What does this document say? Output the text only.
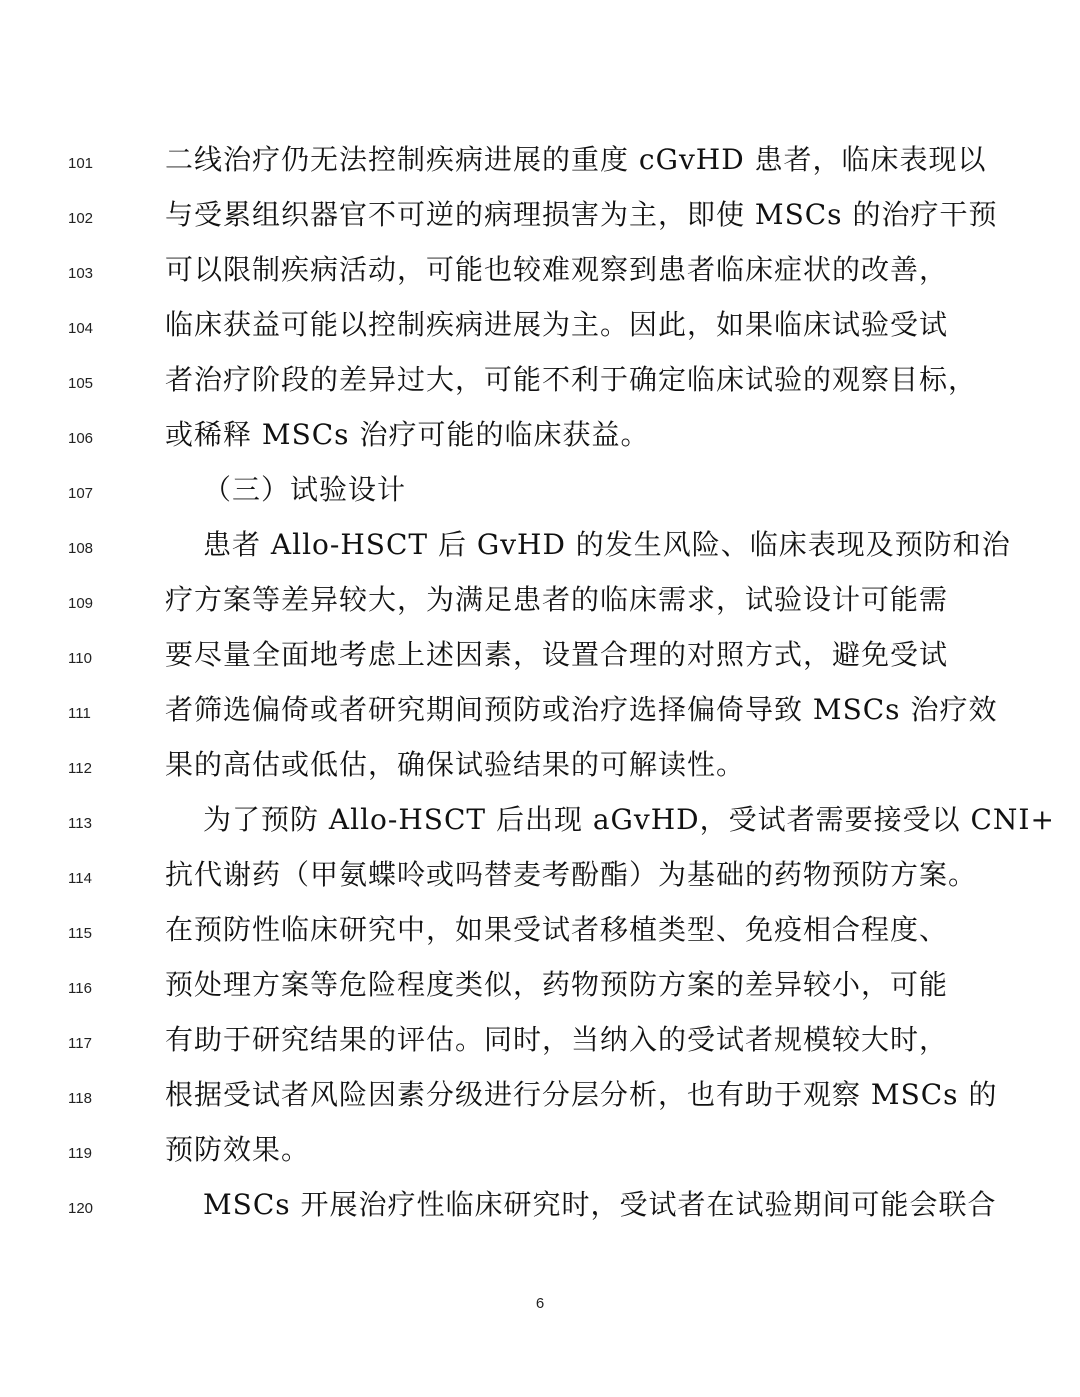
101	二线治疗仍无法控制疾病进展的重度 cGvHD 患者，临床表现以
102	与受累组织器官不可逆的病理损害为主，即使 MSCs 的治疗干预
103	可以限制疾病活动，可能也较难观察到患者临床症状的改善，
104	临床获益可能以控制疾病进展为主。因此，如果临床试验受试
105	者治疗阶段的差异过大，可能不利于确定临床试验的观察目标，
106	或稀释 MSCs 治疗可能的临床获益。
107	（三）试验设计
108	患者 Allo-HSCT 后 GvHD 的发生风险、临床表现及预防和治
109	疗方案等差异较大，为满足患者的临床需求，试验设计可能需
110	要尽量全面地考虑上述因素，设置合理的对照方式，避免受试
111	者筛选偏倚或者研究期间预防或治疗选择偏倚导致 MSCs 治疗效
112	果的高估或低估，确保试验结果的可解读性。
113	为了预防 Allo-HSCT 后出现 aGvHD，受试者需要接受以 CNI+
114	抗代谢药（甲氨蝶呤或吗替麦考酚酯）为基础的药物预防方案。
115	在预防性临床研究中，如果受试者移植类型、免疫相合程度、
116	预处理方案等危险程度类似，药物预防方案的差异较小，可能
117	有助于研究结果的评估。同时，当纳入的受试者规模较大时，
118	根据受试者风险因素分级进行分层分析，也有助于观察 MSCs 的
119	预防效果。
120	MSCs 开展治疗性临床研究时，受试者在试验期间可能会联合
6
